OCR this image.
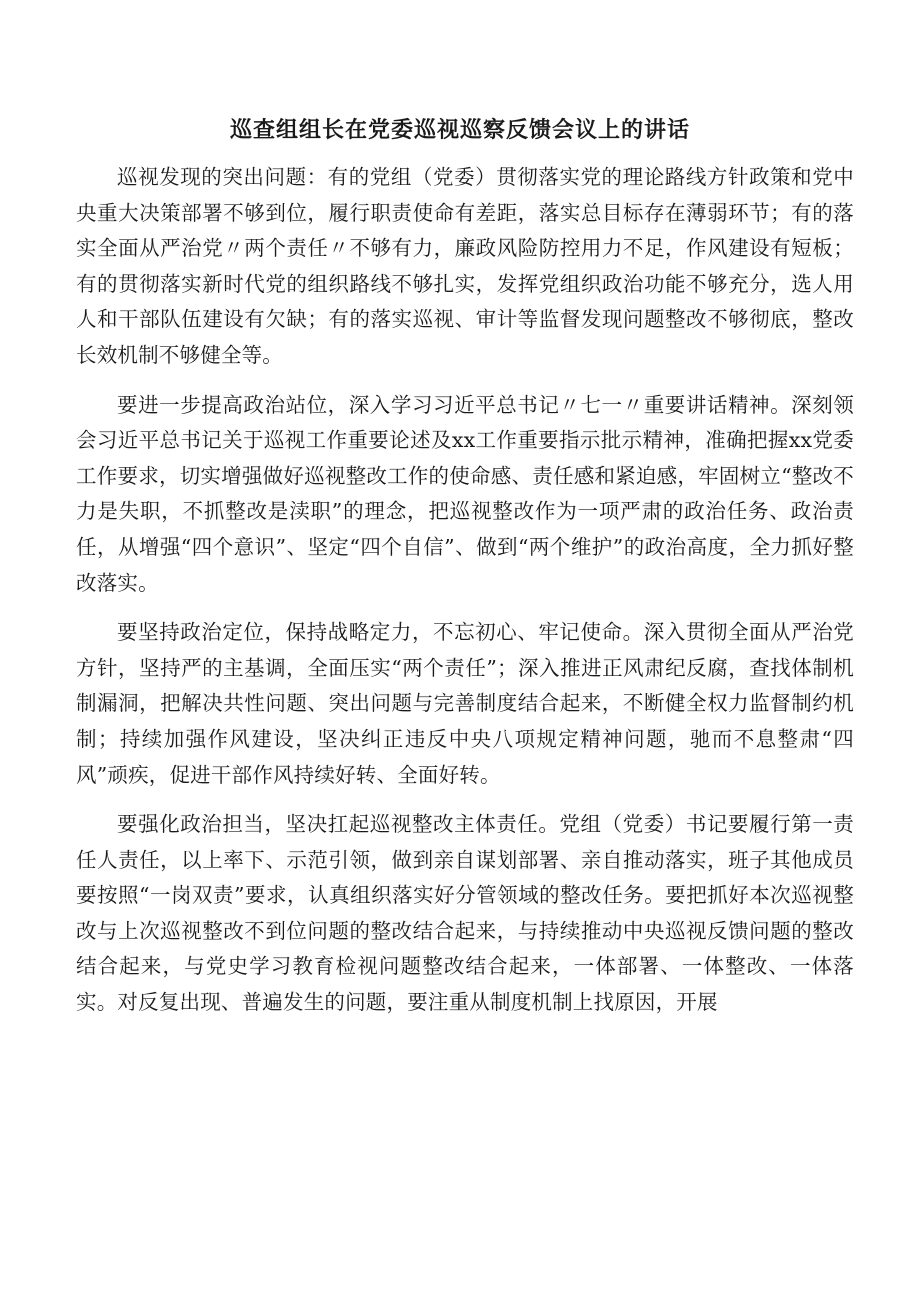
巡查组组长在党委巡视巡察反馈会议上的讲话

巡视发现的突出问题：有的党组（党委）贯彻落实党的理论路线方针政策和党中央重大决策部署不够到位，履行职责使命有差距，落实总目标存在薄弱环节；有的落实全面从严治党〃两个责任〃不够有力，廉政风险防控用力不足，作风建设有短板；有的贯彻落实新时代党的组织路线不够扎实，发挥党组织政治功能不够充分，选人用人和干部队伍建设有欠缺；有的落实巡视、审计等监督发现问题整改不够彻底，整改长效机制不够健全等。

要进一步提高政治站位，深入学习习近平总书记〃七一〃重要讲话精神。深刻领会习近平总书记关于巡视工作重要论述及xx工作重要指示批示精神，准确把握xx党委工作要求，切实增强做好巡视整改工作的使命感、责任感和紧迫感，牢固树立“整改不力是失职，不抓整改是渎职”的理念，把巡视整改作为一项严肃的政治任务、政治责任，从增强“四个意识”、坚定“四个自信”、做到“两个维护”的政治高度，全力抓好整改落实。

要坚持政治定位，保持战略定力，不忘初心、牢记使命。深入贯彻全面从严治党方针，坚持严的主基调，全面压实“两个责任”；深入推进正风肃纪反腐，查找体制机制漏洞，把解决共性问题、突出问题与完善制度结合起来，不断健全权力监督制约机制；持续加强作风建设，坚决纠正违反中央八项规定精神问题，驰而不息整肃“四风”顽疾，促进干部作风持续好转、全面好转。

要强化政治担当，坚决扛起巡视整改主体责任。党组（党委）书记要履行第一责任人责任，以上率下、示范引领，做到亲自谋划部署、亲自推动落实，班子其他成员要按照“一岗双责”要求，认真组织落实好分管领域的整改任务。要把抓好本次巡视整改与上次巡视整改不到位问题的整改结合起来，与持续推动中央巡视反馈问题的整改结合起来，与党史学习教育检视问题整改结合起来，一体部署、一体整改、一体落实。对反复出现、普遍发生的问题，要注重从制度机制上找原因，开展
